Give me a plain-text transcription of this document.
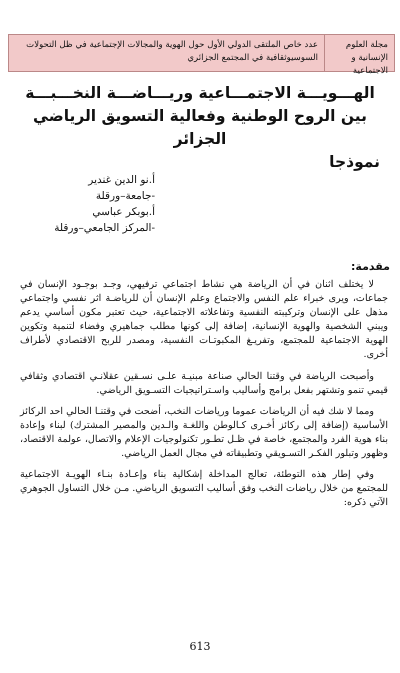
مجلة العلوم الإنسانية و الاجتماعية
عدد خاص الملتقى الدولي الأول حول الهوية والمجالات الإجتماعية في ظل التحولات السوسيوثقافية في المجتمع الجزائري
الهـــويـــة الاجتمـــاعية وريـــاضـــة النخـــبـــة
بين الروح الوطنية وفعالية التسويق الرياضي الجزائر

نموذجا
أ.نو الدين غندير
-جامعة–ورقلة
أ.بوبكر عباسي
-المركز الجامعي–ورقلة
مقدمة:

لا يختلف اثنان في أن الرياضة هي نشاط اجتماعي ترفيهي، وجـد بوجـود الإنسان في جماعات، ويرى خبراء علم النفس والاجتماع وعلم الإنسان أن للرياضـة اثر نفسي واجتماعي مذهل على الإنسان وتركيبته النفسية وتفاعلاته الاجتماعية، حيث تعتبر مكون أساسي يدعم ويبني الشخصية والهوية الإنسانية، إضافة إلى كونها مطلب جماهيري وفضاء لتنمية وتكوين الهوية الاجتماعية للمجتمع، وتفريـغ المكبوتـات النفسية، ومصدر للربح الاقتصادي لأطراف أخرى.

وأصبحت الرياضة في وقتنا الحالي صناعة مبنيـة علـى نسـقين عقلانـي اقتصادي وثقافي قيمي تنمو وتشتهر بفعل برامج وأساليب واسـتراتيجيات التسـويق الرياضي.

ومما لا شك فيه أن الرياضات عموما ورياضات النخب، أضحت في وقتنـا الحالي احد الركائز الأساسية (إضافة إلى ركائز أخـرى كـالوطن واللغـة والـدين والمصير المشترك) لبناء وإعادة بناء هوية الفرد والمجتمع، خاصة في ظـل تطـور تكنولوجيات الإعلام والاتصال، عولمة الاقتصاد، وظهور وتبلور الفكـر التسـويقي وتطبيقاته في مجال العمل الرياضي.

وفي إطار هذه التوطئة، تعالج المداخلة إشكالية بناء وإعـادة بنـاء الهويـة الاجتماعية للمجتمع من خلال رياضات النخب وفق أساليب التسويق الرياضي. مـن خلال التساول الجوهري الآتي ذكره:

613
